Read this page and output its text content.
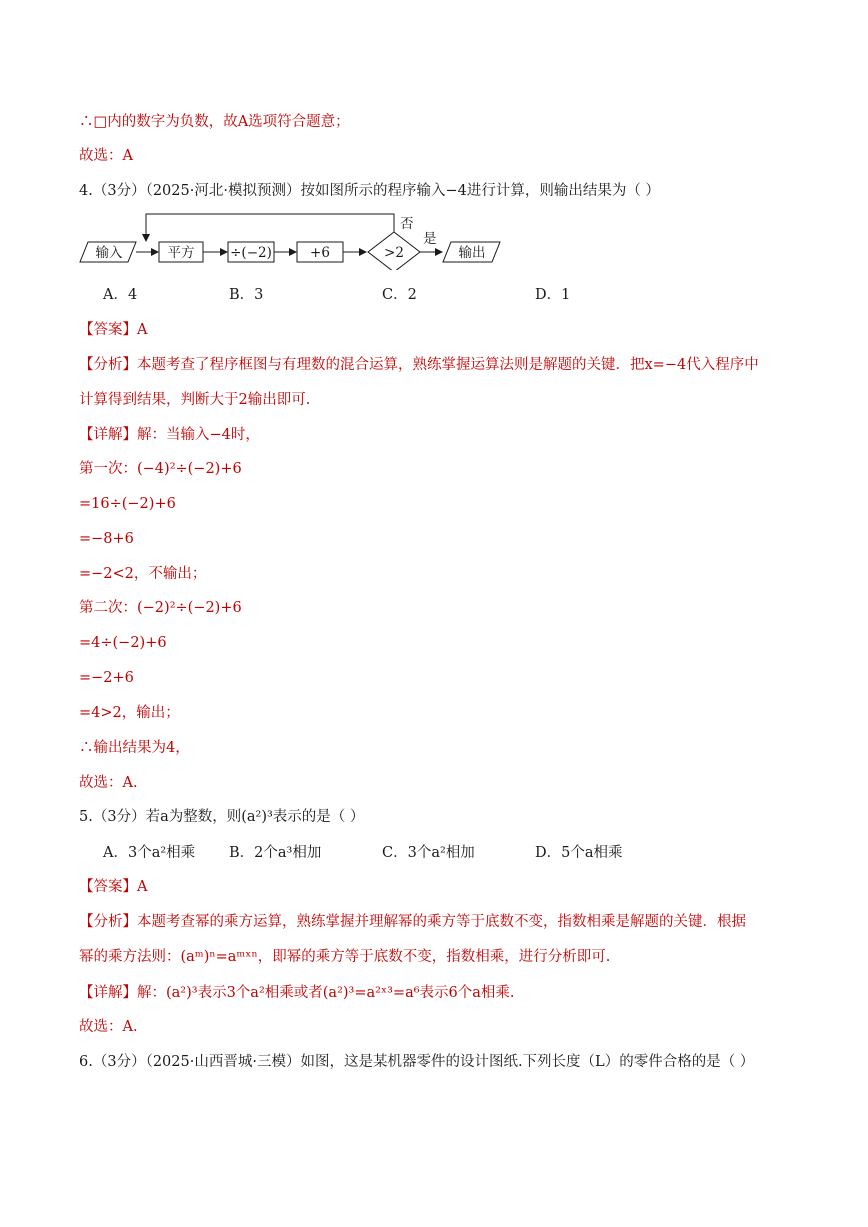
∴□内的数字为负数，故A选项符合题意；
故选：A
4.（3分）（2025·河北·模拟预测）按如图所示的程序输入−4进行计算，则输出结果为（ ）
输入	平方	÷(−2)	+6	>2
否
是
输出
A．4	B．3	C．2	D．1
【答案】A
【分析】本题考查了程序框图与有理数的混合运算，熟练掌握运算法则是解题的关键．把x=−4代入程序中
计算得到结果，判断大于2输出即可.
【详解】解：当输入−4时，
第一次：(−4)²÷(−2)+6
=16÷(−2)+6
=−8+6
=−2<2，不输出；
第二次：(−2)²÷(−2)+6
=4÷(−2)+6
=−2+6
=4>2，输出；
∴输出结果为4，
故选：A.
5.（3分）若a为整数，则(a²)³表示的是（ ）
A．3个a²相乘 B．2个a³相加	C．3个a²相加	D．5个a相乘
【答案】A
【分析】本题考查幂的乘方运算，熟练掌握并理解幂的乘方等于底数不变，指数相乘是解题的关键．根据
幂的乘方法则：(aᵐ)ⁿ=aᵐˣⁿ，即幂的乘方等于底数不变，指数相乘，进行分析即可.
【详解】解：(a²)³表示3个a²相乘或者(a²)³=a²ˣ³=a⁶表示6个a相乘.
故选：A.
6.（3分）（2025·山西晋城·三模）如图，这是某机器零件的设计图纸.下列长度（L）的零件合格的是（ ）
